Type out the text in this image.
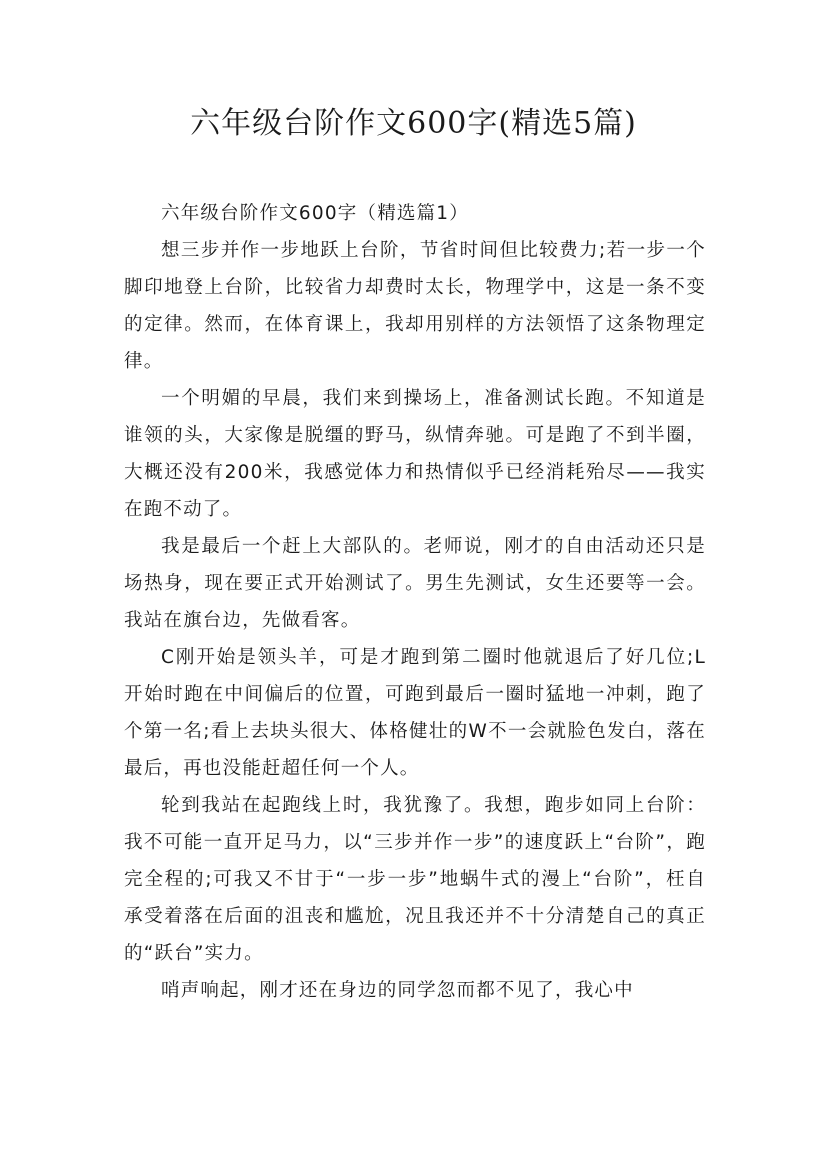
六年级台阶作文600字(精选5篇)

六年级台阶作文600字（精选篇1）

想三步并作一步地跃上台阶，节省时间但比较费力;若一步一个脚印地登上台阶，比较省力却费时太长，物理学中，这是一条不变的定律。然而，在体育课上，我却用别样的方法领悟了这条物理定律。

一个明媚的早晨，我们来到操场上，准备测试长跑。不知道是谁领的头，大家像是脱缰的野马，纵情奔驰。可是跑了不到半圈，大概还没有200米，我感觉体力和热情似乎已经消耗殆尽——我实在跑不动了。

我是最后一个赶上大部队的。老师说，刚才的自由活动还只是场热身，现在要正式开始测试了。男生先测试，女生还要等一会。我站在旗台边，先做看客。

C刚开始是领头羊，可是才跑到第二圈时他就退后了好几位;L开始时跑在中间偏后的位置，可跑到最后一圈时猛地一冲刺，跑了个第一名;看上去块头很大、体格健壮的W不一会就脸色发白，落在最后，再也没能赶超任何一个人。

轮到我站在起跑线上时，我犹豫了。我想，跑步如同上台阶：我不可能一直开足马力，以“三步并作一步”的速度跃上“台阶”，跑完全程的;可我又不甘于“一步一步”地蜗牛式的漫上“台阶”，枉自承受着落在后面的沮丧和尴尬，况且我还并不十分清楚自己的真正的“跃台”实力。

哨声响起，刚才还在身边的同学忽而都不见了，我心中
